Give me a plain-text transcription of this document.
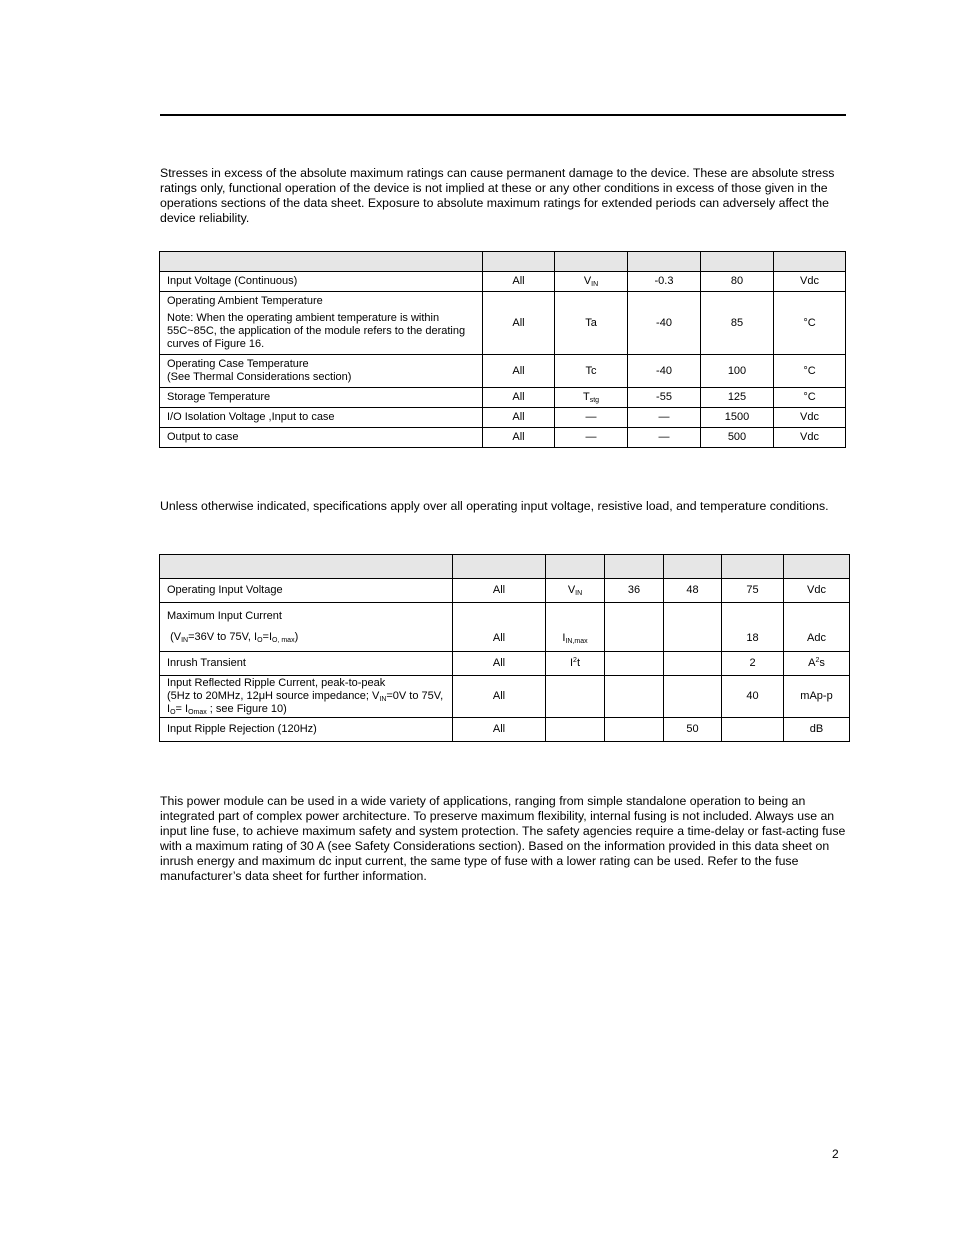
Stresses in excess of the absolute maximum ratings can cause permanent damage to the device. These are absolute stress ratings only, functional operation of the device is not implied at these or any other conditions in excess of those given in the operations sections of the data sheet. Exposure to absolute maximum ratings for extended periods can adversely affect the device reliability.

Input Voltage (Continuous)	All	$V_{IN}$	-0.3	80	Vdc
Operating Ambient Temperature
Note: When the operating ambient temperature is within 55C~85C, the application of the module refers to the derating curves of Figure 16.	All	Ta	-40	85	°C
Operating Case Temperature
(See Thermal Considerations section)	All	Tc	-40	100	°C
Storage Temperature	All	$T_{stg}$	-55	125	°C
I/O Isolation Voltage ,Input to case	All	—	—	1500	Vdc
Output to case	All	—	—	500	Vdc

Unless otherwise indicated, specifications apply over all operating input voltage, resistive load, and temperature conditions.

Operating Input Voltage	All	$V_{IN}$	36	48	75	Vdc
Maximum Input Current
($V_{IN}=36V$ to 75V, $I_O=I_{O, max}$)	All	$I_{IN,max}$			18	Adc
Inrush Transient	All	$I^2t$			2	$A^2s$
Input Reflected Ripple Current, peak-to-peak
(5Hz to 20MHz, 12μH source impedance; $V_{IN}=0V$ to 75V, $I_O= I_{Omax}$ ; see Figure 10)	All				40	mAp-p
Input Ripple Rejection (120Hz)	All			50		dB

This power module can be used in a wide variety of applications, ranging from simple standalone operation to being an integrated part of complex power architecture. To preserve maximum flexibility, internal fusing is not included. Always use an input line fuse, to achieve maximum safety and system protection. The safety agencies require a time-delay or fast-acting fuse with a maximum rating of 30 A (see Safety Considerations section). Based on the information provided in this data sheet on inrush energy and maximum dc input current, the same type of fuse with a lower rating can be used. Refer to the fuse manufacturer’s data sheet for further information.

2
